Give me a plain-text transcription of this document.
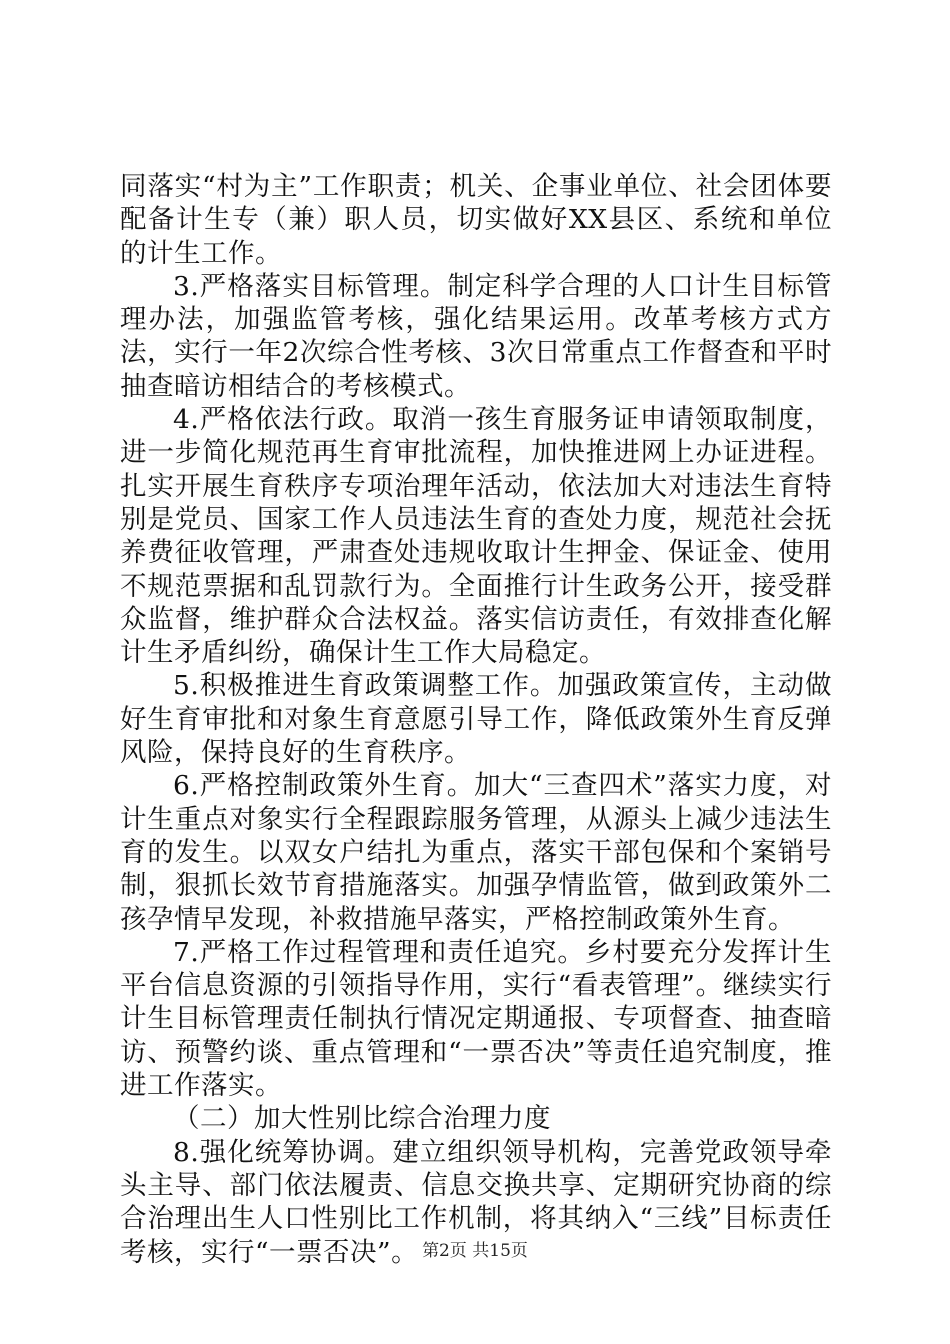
同落实“村为主”工作职责；机关、企事业单位、社会团体要配备计生专（兼）职人员，切实做好XX县区、系统和单位的计生工作。

3.严格落实目标管理。制定科学合理的人口计生目标管理办法，加强监管考核，强化结果运用。改革考核方式方法，实行一年2次综合性考核、3次日常重点工作督查和平时抽查暗访相结合的考核模式。

4.严格依法行政。取消一孩生育服务证申请领取制度，进一步简化规范再生育审批流程，加快推进网上办证进程。扎实开展生育秩序专项治理年活动，依法加大对违法生育特别是党员、国家工作人员违法生育的查处力度，规范社会抚养费征收管理，严肃查处违规收取计生押金、保证金、使用不规范票据和乱罚款行为。全面推行计生政务公开，接受群众监督，维护群众合法权益。落实信访责任，有效排查化解计生矛盾纠纷，确保计生工作大局稳定。

5.积极推进生育政策调整工作。加强政策宣传，主动做好生育审批和对象生育意愿引导工作，降低政策外生育反弹风险，保持良好的生育秩序。

6.严格控制政策外生育。加大“三查四术”落实力度，对计生重点对象实行全程跟踪服务管理，从源头上减少违法生育的发生。以双女户结扎为重点，落实干部包保和个案销号制，狠抓长效节育措施落实。加强孕情监管，做到政策外二孩孕情早发现，补救措施早落实，严格控制政策外生育。

7.严格工作过程管理和责任追究。乡村要充分发挥计生平台信息资源的引领指导作用，实行“看表管理”。继续实行计生目标管理责任制执行情况定期通报、专项督查、抽查暗访、预警约谈、重点管理和“一票否决”等责任追究制度，推进工作落实。

（二）加大性别比综合治理力度

8.强化统筹协调。建立组织领导机构，完善党政领导牵头主导、部门依法履责、信息交换共享、定期研究协商的综合治理出生人口性别比工作机制，将其纳入“三线”目标责任考核，实行“一票否决”。 第2页 共15页
